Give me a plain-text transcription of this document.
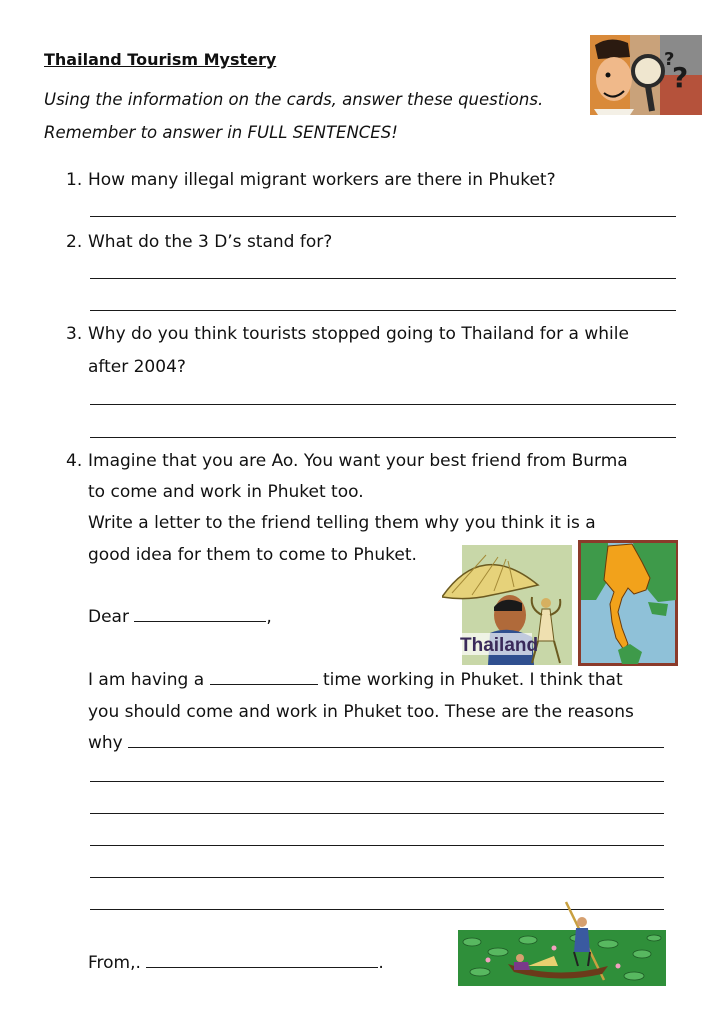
Thailand Tourism Mystery
Using the information on the cards, answer these questions.
Remember to answer in FULL SENTENCES!
?
?
1. How many illegal migrant workers are there in Phuket?
2. What do the 3 D’s stand for?
3. Why do you think tourists stopped going to Thailand for a while
after 2004?
4. Imagine that you are Ao. You want your best friend from Burma
to come and work in Phuket too.
Write a letter to the friend telling them why you think it is a
good idea for them to come to Phuket.
Thailand
Dear	,
I am having a	time working in Phuket. I think that
you should come and work in Phuket too. These are the reasons
why
From,.	.
